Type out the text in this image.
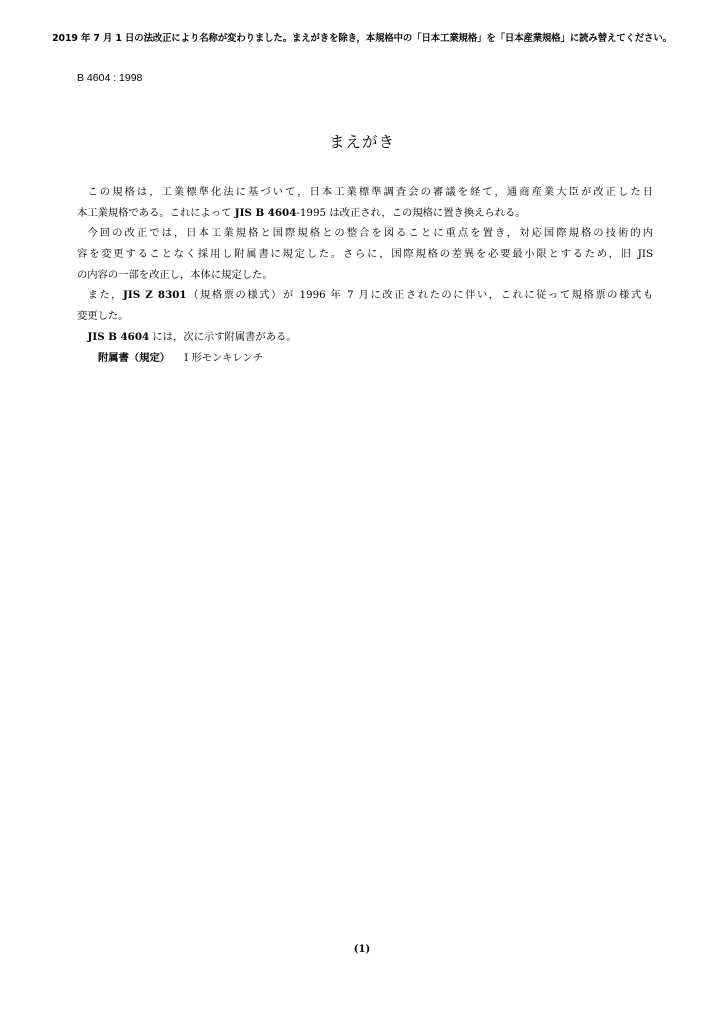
2019 年 7 月 1 日の法改正により名称が変わりました。まえがきを除き，本規格中の「日本工業規格」を「日本産業規格」に読み替えてください。
B 4604 : 1998
まえがき
この規格は，工業標準化法に基づいて，日本工業標準調査会の審議を経て，通商産業大臣が改正した日
本工業規格である。これによって JIS B 4604-1995 は改正され，この規格に置き換えられる。
今回の改正では，日本工業規格と国際規格との整合を図ることに重点を置き，対応国際規格の技術的内
容を変更することなく採用し附属書に規定した。さらに，国際規格の差異を必要最小限とするため，旧 JIS
の内容の一部を改正し，本体に規定した。
また，JIS Z 8301（規格票の様式）が 1996 年 7 月に改正されたのに伴い，これに従って規格票の様式も
変更した。
JIS B 4604 には，次に示す附属書がある。
附属書（規定） I 形モンキレンチ
(1)
